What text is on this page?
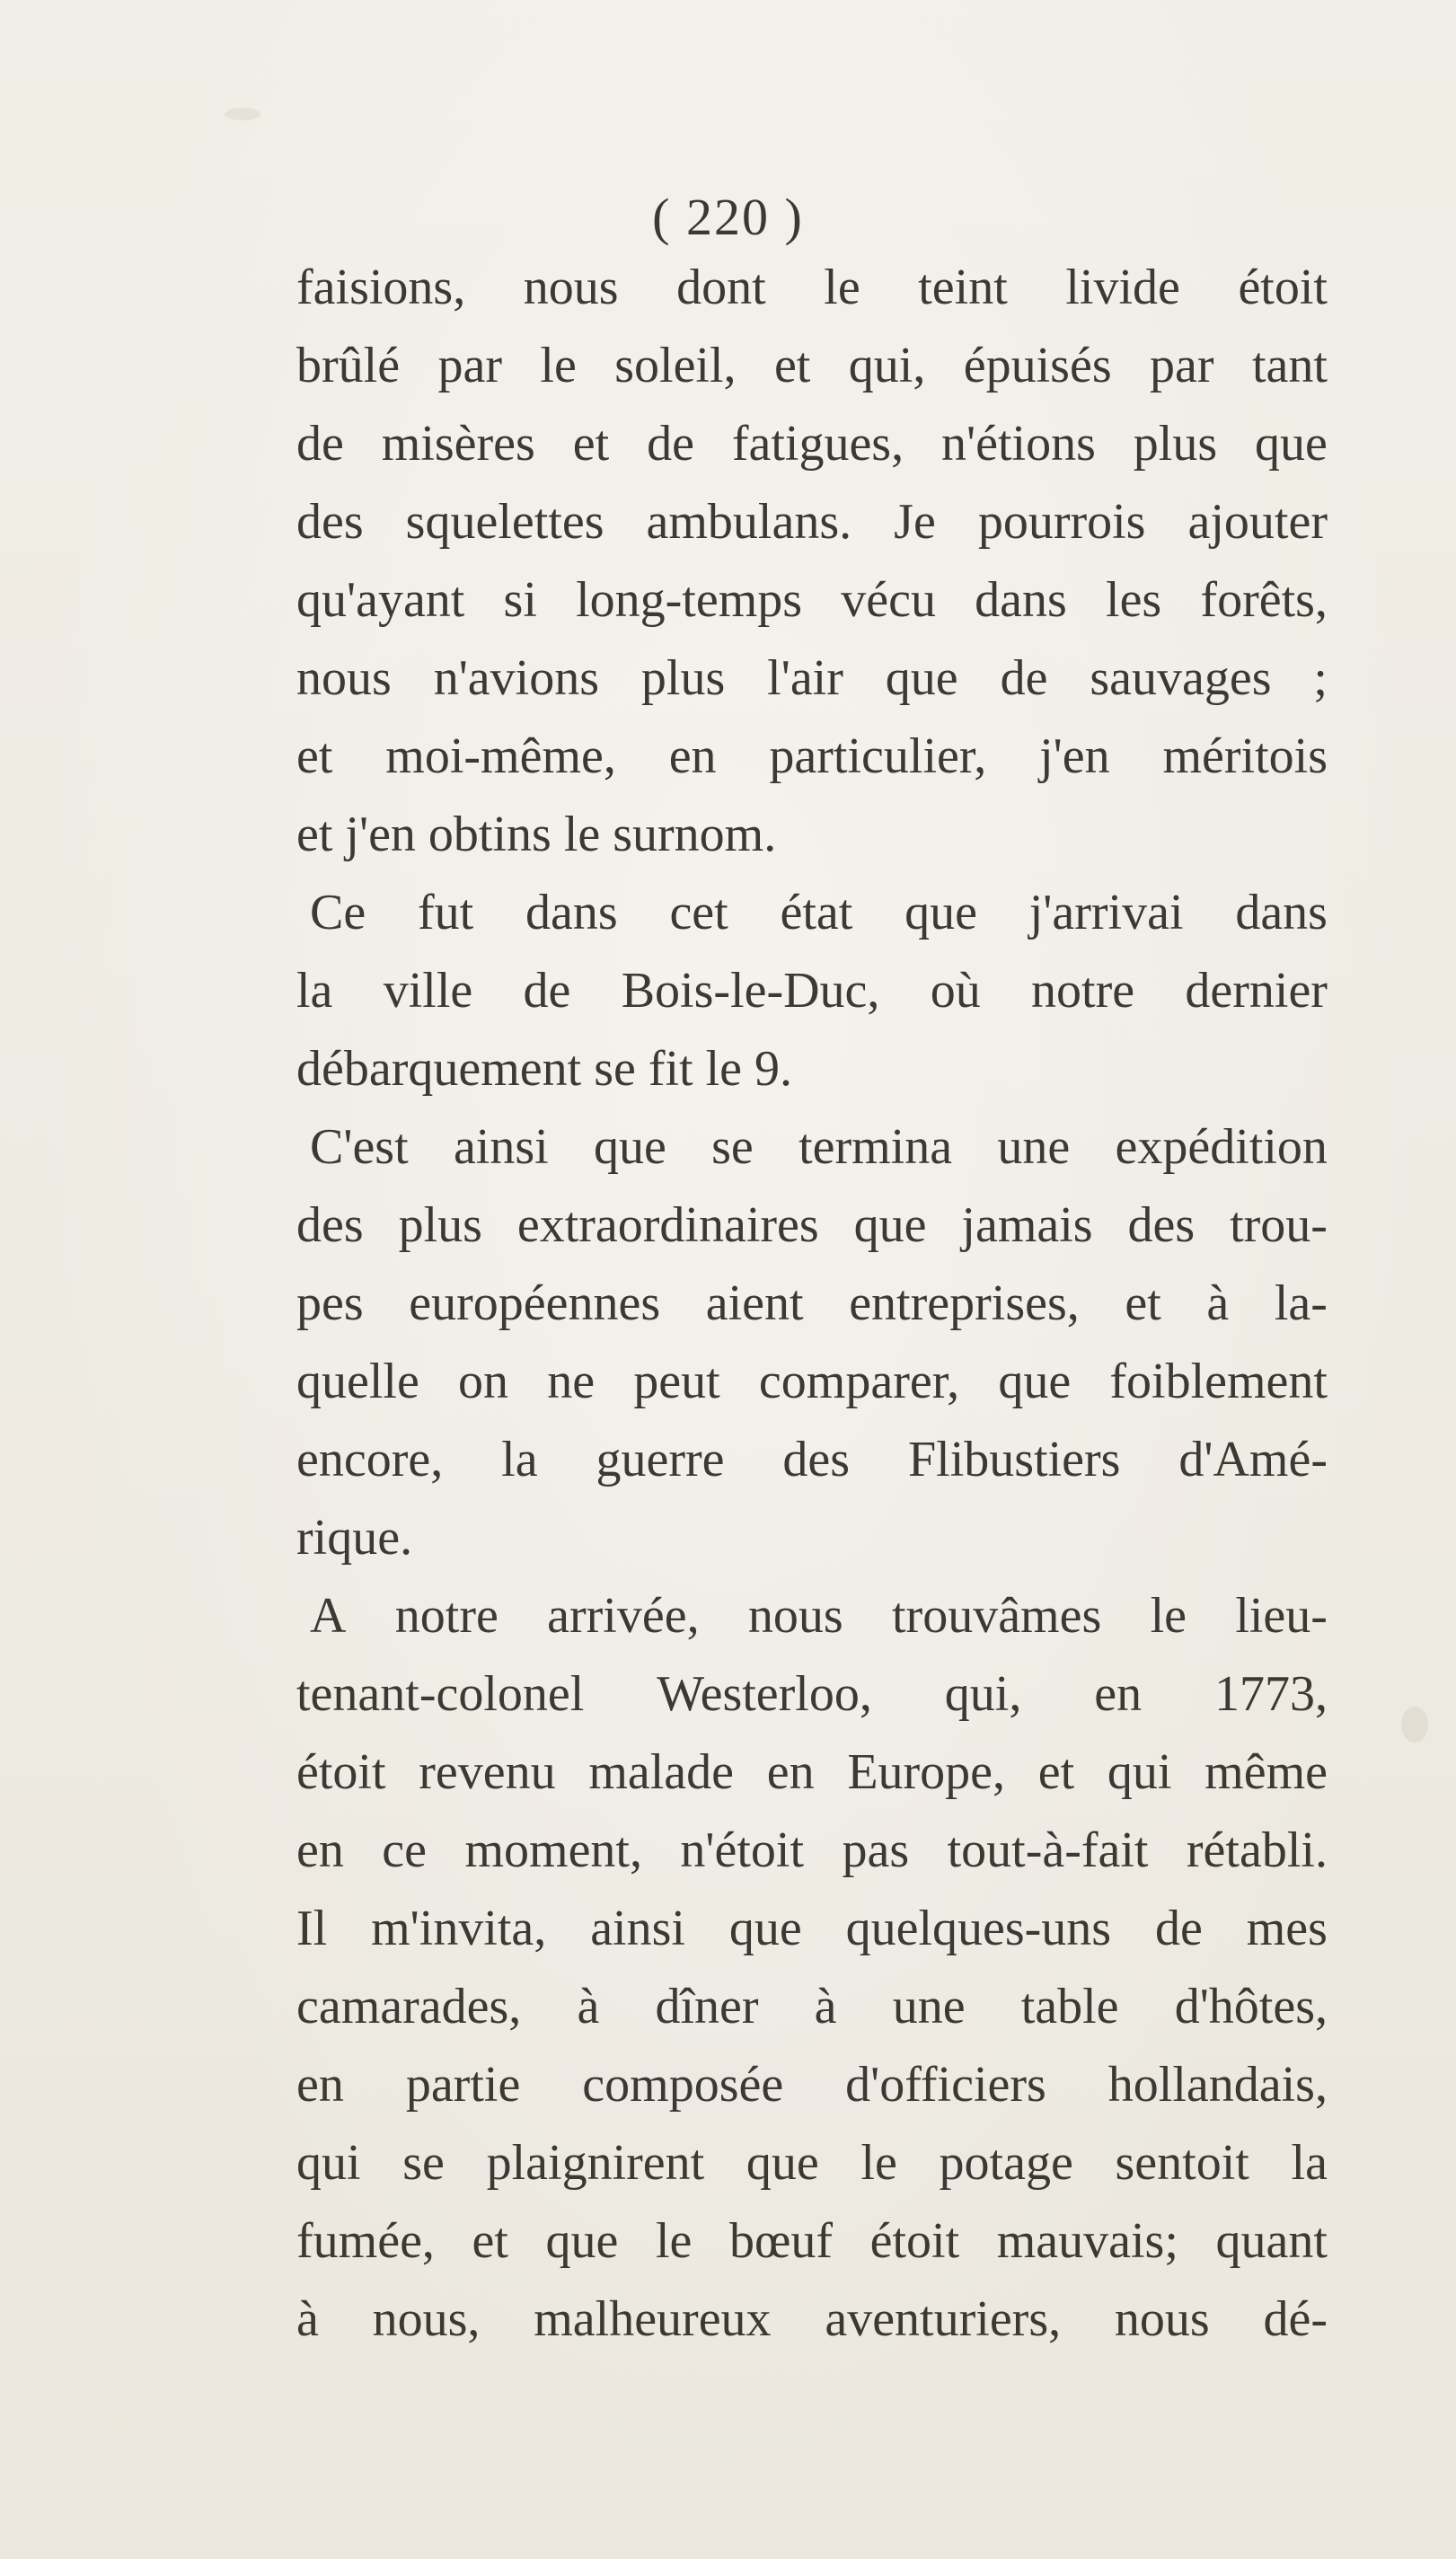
( 220 )
faisions, nous dont le teint livide étoit
brûlé par le soleil, et qui, épuisés par tant
de misères et de fatigues, n'étions plus que
des squelettes ambulans. Je pourrois ajouter
qu'ayant si long-temps vécu dans les forêts,
nous n'avions plus l'air que de sauvages ;
et moi-même, en particulier, j'en méritois
et j'en obtins le surnom.
Ce fut dans cet état que j'arrivai dans
la ville de Bois-le-Duc, où notre dernier
débarquement se fit le 9.
C'est ainsi que se termina une expédition
des plus extraordinaires que jamais des trou-
pes européennes aient entreprises, et à la-
quelle on ne peut comparer, que foiblement
encore, la guerre des Flibustiers d'Amé-
rique.
A notre arrivée, nous trouvâmes le lieu-
tenant-colonel Westerloo, qui, en 1773,
étoit revenu malade en Europe, et qui même
en ce moment, n'étoit pas tout-à-fait rétabli.
Il m'invita, ainsi que quelques-uns de mes
camarades, à dîner à une table d'hôtes,
en partie composée d'officiers hollandais,
qui se plaignirent que le potage sentoit la
fumée, et que le bœuf étoit mauvais; quant
à nous, malheureux aventuriers, nous dé-
